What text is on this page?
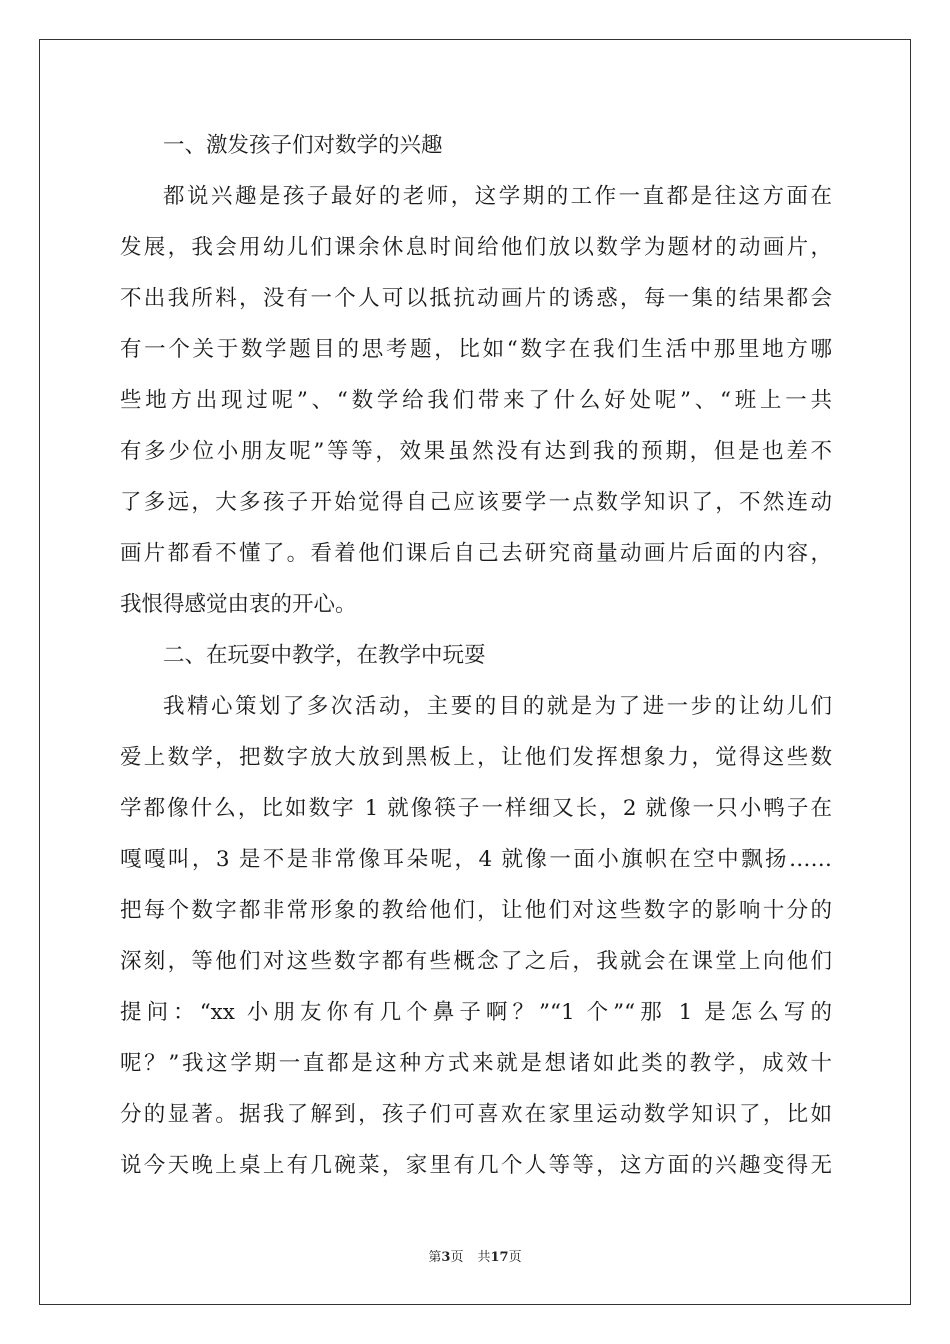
一、激发孩子们对数学的兴趣
都说兴趣是孩子最好的老师，这学期的工作一直都是往这方面在
发展，我会用幼儿们课余休息时间给他们放以数学为题材的动画片，
不出我所料，没有一个人可以抵抗动画片的诱惑，每一集的结果都会
有一个关于数学题目的思考题，比如“数字在我们生活中那里地方哪
些地方出现过呢”、“数学给我们带来了什么好处呢”、“班上一共
有多少位小朋友呢”等等，效果虽然没有达到我的预期，但是也差不
了多远，大多孩子开始觉得自己应该要学一点数学知识了，不然连动
画片都看不懂了。看着他们课后自己去研究商量动画片后面的内容，
我恨得感觉由衷的开心。
二、在玩耍中教学，在教学中玩耍
我精心策划了多次活动，主要的目的就是为了进一步的让幼儿们
爱上数学，把数字放大放到黑板上，让他们发挥想象力，觉得这些数
学都像什么，比如数字 1 就像筷子一样细又长，2 就像一只小鸭子在
嘎嘎叫，3 是不是非常像耳朵呢，4 就像一面小旗帜在空中飘扬……
把每个数字都非常形象的教给他们，让他们对这些数字的影响十分的
深刻，等他们对这些数字都有些概念了之后，我就会在课堂上向他们
提问：“xx 小朋友你有几个鼻子啊？”“1 个”“那 1 是怎么写的
呢？”我这学期一直都是这种方式来就是想诸如此类的教学，成效十
分的显著。据我了解到，孩子们可喜欢在家里运动数学知识了，比如
说今天晚上桌上有几碗菜，家里有几个人等等，这方面的兴趣变得无
第3页 共17页
